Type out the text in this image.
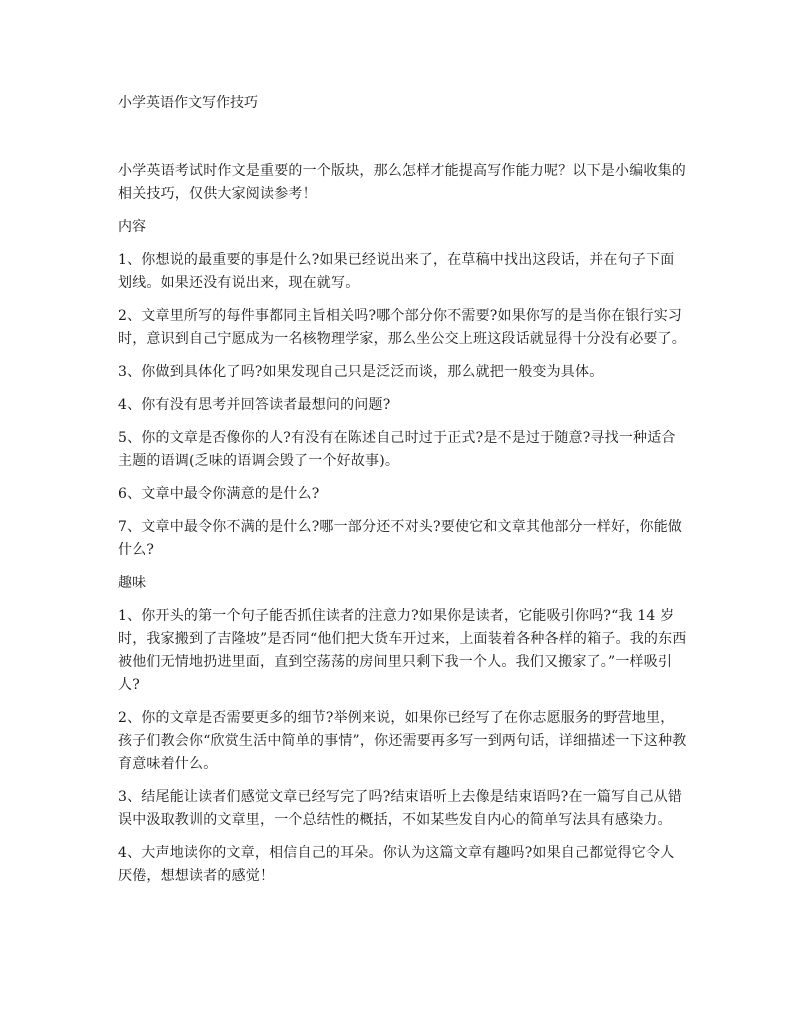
小学英语作文写作技巧

小学英语考试时作文是重要的一个版块，那么怎样才能提高写作能力呢？以下是小编收集的相关技巧，仅供大家阅读参考！

内容

1、你想说的最重要的事是什么?如果已经说出来了，在草稿中找出这段话，并在句子下面划线。如果还没有说出来，现在就写。

2、文章里所写的每件事都同主旨相关吗?哪个部分你不需要?如果你写的是当你在银行实习时，意识到自己宁愿成为一名核物理学家，那么坐公交上班这段话就显得十分没有必要了。

3、你做到具体化了吗?如果发现自己只是泛泛而谈，那么就把一般变为具体。

4、你有没有思考并回答读者最想问的问题?

5、你的文章是否像你的人?有没有在陈述自己时过于正式?是不是过于随意?寻找一种适合主题的语调(乏味的语调会毁了一个好故事)。

6、文章中最令你满意的是什么?

7、文章中最令你不满的是什么?哪一部分还不对头?要使它和文章其他部分一样好，你能做什么?

趣味

1、你开头的第一个句子能否抓住读者的注意力?如果你是读者，它能吸引你吗?“我 14 岁时，我家搬到了吉隆坡”是否同“他们把大货车开过来，上面装着各种各样的箱子。我的东西被他们无情地扔进里面，直到空荡荡的房间里只剩下我一个人。我们又搬家了。”一样吸引人?

2、你的文章是否需要更多的细节?举例来说，如果你已经写了在你志愿服务的野营地里，孩子们教会你“欣赏生活中简单的事情”，你还需要再多写一到两句话，详细描述一下这种教育意味着什么。

3、结尾能让读者们感觉文章已经写完了吗?结束语听上去像是结束语吗?在一篇写自己从错误中汲取教训的文章里，一个总结性的概括，不如某些发自内心的简单写法具有感染力。

4、大声地读你的文章，相信自己的耳朵。你认为这篇文章有趣吗?如果自己都觉得它令人厌倦，想想读者的感觉！
